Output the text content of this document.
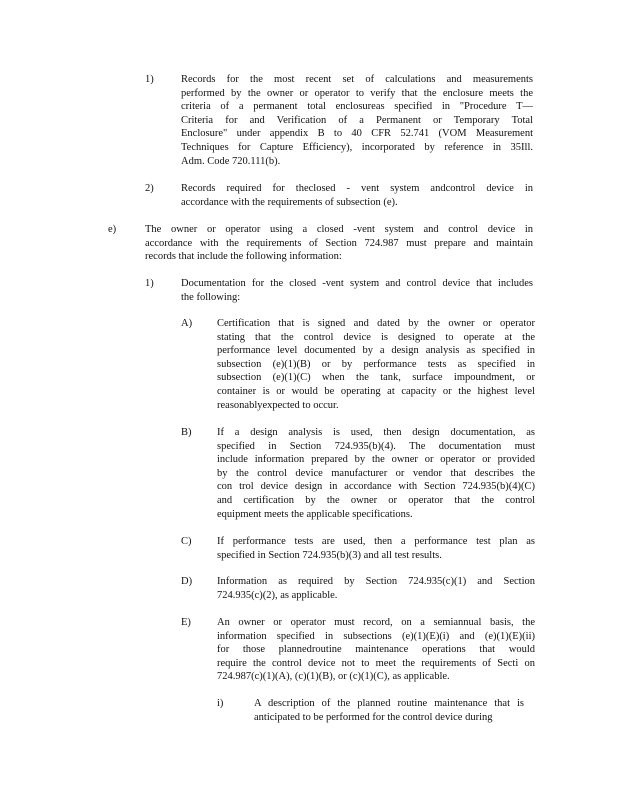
1)	Records for the most recent set of calculations and measurements
performed by the owner or operator to verify that the enclosure meets the
criteria of a permanent total enclosureas specified in "Procedure T—
Criteria for and Verification of a Permanent or Temporary Total
Enclosure" under appendix B to 40 CFR 52.741 (VOM Measurement
Techniques for Capture Efficiency), incorporated by reference in 35Ill.
Adm. Code 720.111(b).
2)	Records required for theclosed - vent system andcontrol device in
accordance with the requirements of subsection (e).
e)	The owner or operator using a closed -vent system and control device in
accordance with the requirements of Section 724.987 must prepare and maintain
records that include the following information:
1)	Documentation for the closed -vent system and control device that includes
the following:
A) Certification that is signed and dated by the owner or operator
stating that the control device is designed to operate at the
performance level documented by a design analysis as specified in
subsection (e)(1)(B) or by performance tests as specified in
subsection (e)(1)(C) when the tank, surface impoundment, or
container is or would be operating at capacity or the highest level
reasonablyexpected to occur.
B) If a design analysis is used, then design documentation, as
specified in Section 724.935(b)(4). The documentation must
include information prepared by the owner or operator or provided
by the control device manufacturer or vendor that describes the
con trol device design in accordance with Section 724.935(b)(4)(C)
and certification by the owner or operator that the control
equipment meets the applicable specifications.
C) If performance tests are used, then a performance test plan as
specified in Section 724.935(b)(3) and all test results.
D) Information as required by Section 724.935(c)(1) and Section
724.935(c)(2), as applicable.
E) An owner or operator must record, on a semiannual basis, the
information specified in subsections (e)(1)(E)(i) and (e)(1)(E)(ii)
for those plannedroutine maintenance operations that would
require the control device not to meet the requirements of Secti on
724.987(c)(1)(A), (c)(1)(B), or (c)(1)(C), as applicable.
i)	A description of the planned routine maintenance that is
anticipated to be performed for the control device during
